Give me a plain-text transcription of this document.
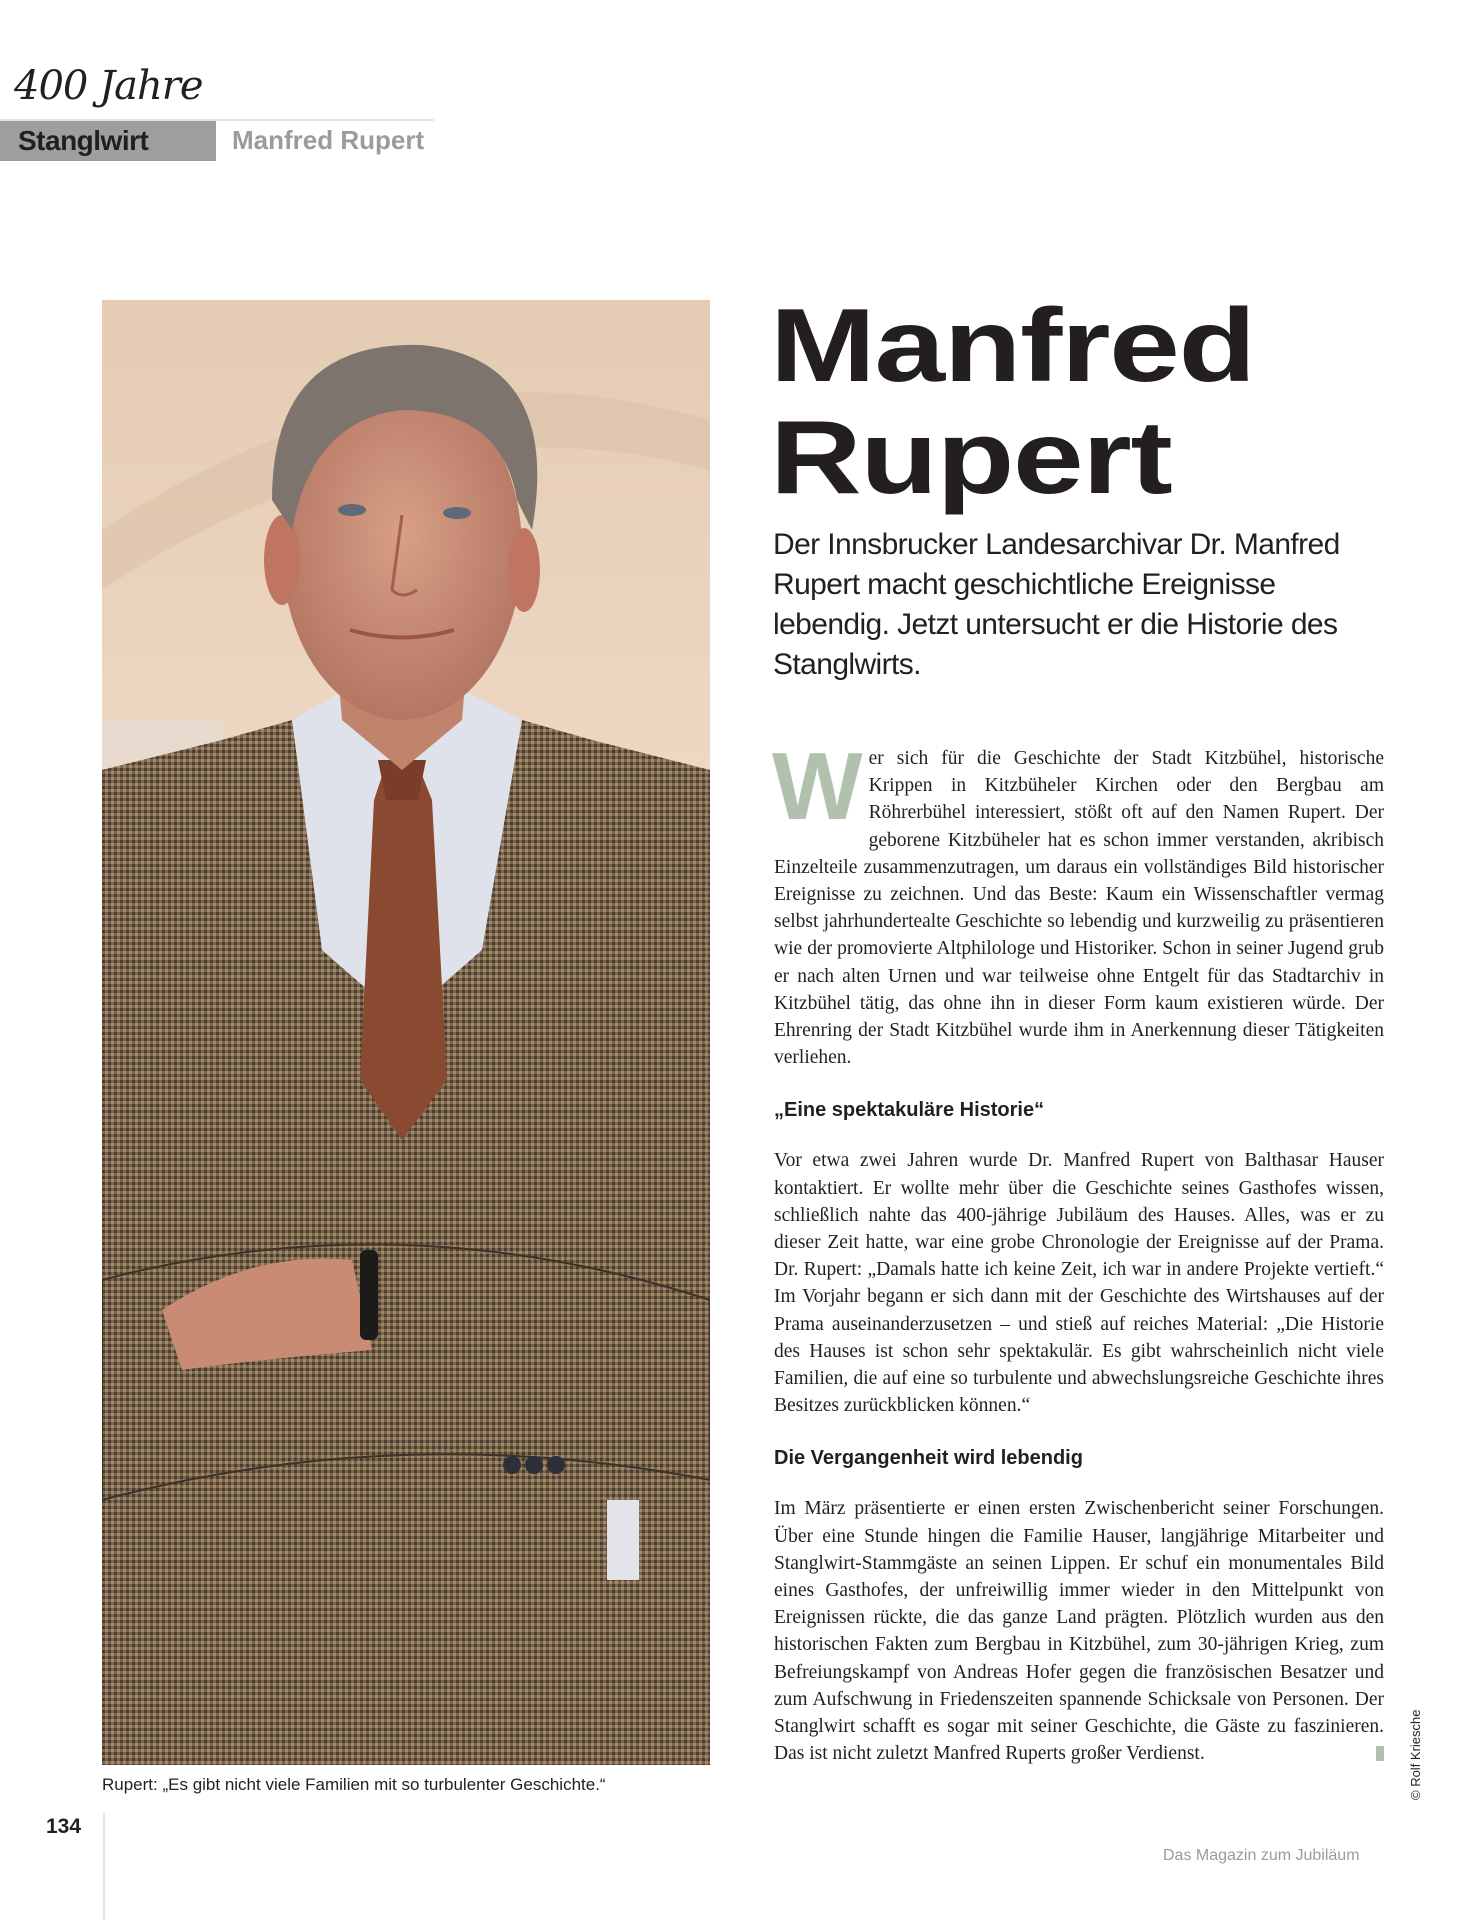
400 Jahre
Stanglwirt	Manfred Rupert
Rupert: „Es gibt nicht viele Familien mit so turbulenter Geschichte.“
Manfred
Rupert
Der Innsbrucker Landesarchivar Dr. Manfred Rupert macht geschichtliche Ereignisse lebendig. Jetzt untersucht er die Historie des Stanglwirts.

Wer sich für die Geschichte der Stadt Kitzbühel, historische Krippen in Kitzbüheler Kirchen oder den Bergbau am Röhrerbühel interessiert, stößt oft auf den Namen Rupert. Der geborene Kitzbüheler hat es schon immer verstanden, akribisch Einzelteile zusammenzutragen, um daraus ein vollständiges Bild historischer Ereignisse zu zeichnen. Und das Beste: Kaum ein Wissenschaftler vermag selbst jahrhundertealte Geschichte so lebendig und kurzweilig zu präsentieren wie der promovierte Altphilologe und Historiker. Schon in seiner Jugend grub er nach alten Urnen und war teilweise ohne Entgelt für das Stadtarchiv in Kitzbühel tätig, das ohne ihn in dieser Form kaum existieren würde. Der Ehrenring der Stadt Kitzbühel wurde ihm in Anerkennung dieser Tätigkeiten verliehen.

„Eine spektakuläre Historie“

Vor etwa zwei Jahren wurde Dr. Manfred Rupert von Balthasar Hauser kontaktiert. Er wollte mehr über die Geschichte seines Gasthofes wissen, schließlich nahte das 400-jährige Jubiläum des Hauses. Alles, was er zu dieser Zeit hatte, war eine grobe Chronologie der Ereignisse auf der Prama. Dr. Rupert: „Damals hatte ich keine Zeit, ich war in andere Projekte vertieft.“ Im Vorjahr begann er sich dann mit der Geschichte des Wirtshauses auf der Prama auseinanderzusetzen – und stieß auf reiches Material: „Die Historie des Hauses ist schon sehr spektakulär. Es gibt wahrscheinlich nicht viele Familien, die auf eine so turbulente und abwechslungsreiche Geschichte ihres Besitzes zurückblicken können.“

Die Vergangenheit wird lebendig

Im März präsentierte er einen ersten Zwischenbericht seiner Forschungen. Über eine Stunde hingen die Familie Hauser, langjährige Mitarbeiter und Stanglwirt-Stammgäste an seinen Lippen. Er schuf ein monumentales Bild eines Gasthofes, der unfreiwillig immer wieder in den Mittelpunkt von Ereignissen rückte, die das ganze Land prägten. Plötzlich wurden aus den historischen Fakten zum Bergbau in Kitzbühel, zum 30-jährigen Krieg, zum Befreiungskampf von Andreas Hofer gegen die französischen Besatzer und zum Aufschwung in Friedenszeiten spannende Schicksale von Personen. Der Stanglwirt schafft es sogar mit seiner Geschichte, die Gäste zu faszinieren. Das ist nicht zuletzt Manfred Ruperts großer Verdienst.	© Rolf Kriesche
134
Das Magazin zum Jubiläum
